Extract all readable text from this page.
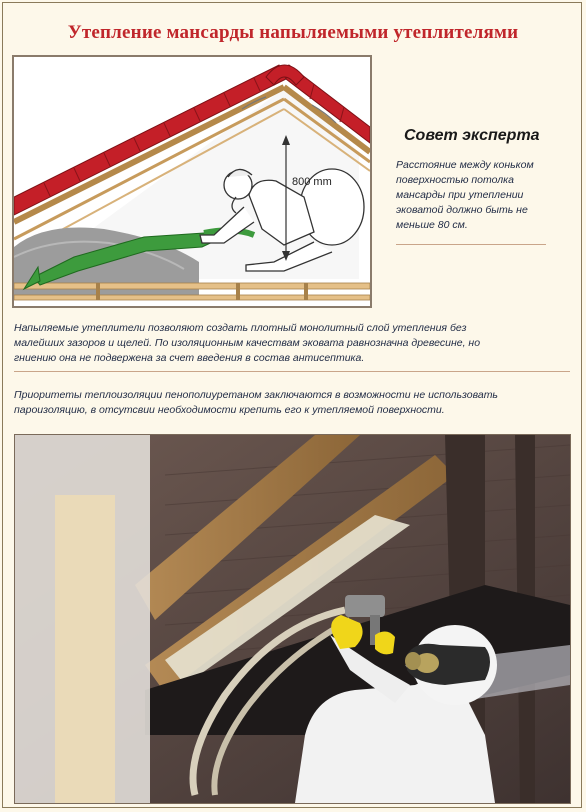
Утепление мансарды напыляемыми утеплителями
800 mm
Совет эксперта
Расстояние между коньком
поверхностью потолка
мансарды при утеплении
эковатой должно быть не
меньше 80 см.
Напыляемые утеплители позволяют создать плотный монолитный слой утепления без
малейших зазоров и щелей. По изоляционным качествам эковата равнозначна древесине, но
гниению она не подвержена за счет введения в состав антисептика.
Приоритеты теплоизоляции пенополиуретаном заключаются в возможности не использовать
пароизоляцию, в отсутсвии необходимости крепить его к утепляемой поверхности.
